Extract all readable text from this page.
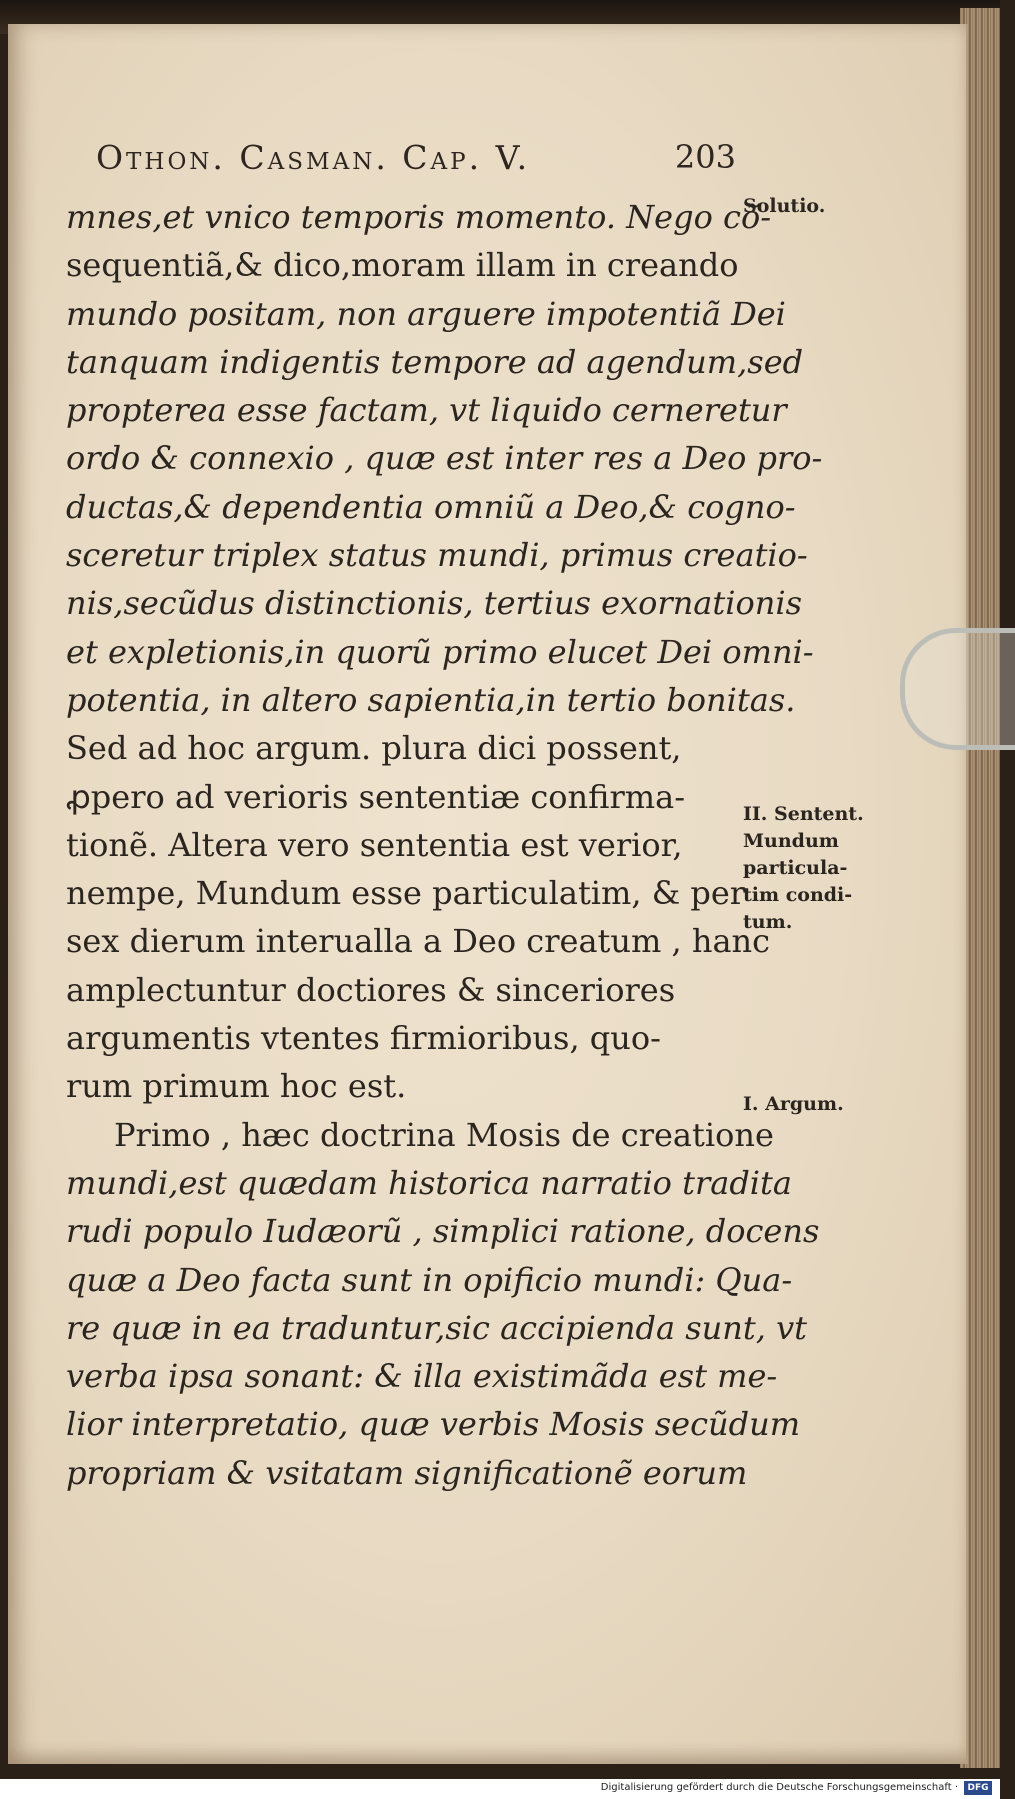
Othon. Casman. Cap. V.	203
mnes,et vnico temporis momento. Nego cõ-
sequentiã,& dico,moram illam in creando
mundo positam, non arguere impotentiã Dei
tanquam indigentis tempore ad agendum,sed
propterea esse factam, vt liquido cerneretur
ordo & connexio , quæ est inter res a Deo pro-
ductas,& dependentia omniũ a Deo,& cogno-
sceretur triplex status mundi, primus creatio-
nis,secũdus distinctionis, tertius exornationis
et expletionis,in quorũ primo elucet Dei omni-
potentia, in altero sapientia,in tertio bonitas.
Sed ad hoc argum. plura dici possent,
ꝓpero ad verioris sententiæ confirma-
tionẽ. Altera vero sententia est verior,
nempe, Mundum esse particulatim, & per
sex dierum interualla a Deo creatum , hanc
amplectuntur doctiores & sinceriores
argumentis vtentes firmioribus, quo-
rum primum hoc est.
Primo , hæc doctrina Mosis de creatione
mundi,est quædam historica narratio tradita
rudi populo Iudæorũ , simplici ratione, docens
quæ a Deo facta sunt in opificio mundi: Qua-
re quæ in ea traduntur,sic accipienda sunt, vt
verba ipsa sonant: & illa existimãda est me-
lior interpretatio, quæ verbis Mosis secũdum
propriam & vsitatam significationẽ eorum
Solutio.
II. Sentent.
Mundum
particula-
tim condi-
tum.
I. Argum.
Digitalisierung gefördert durch die Deutsche Forschungsgemeinschaft ·	DFG
